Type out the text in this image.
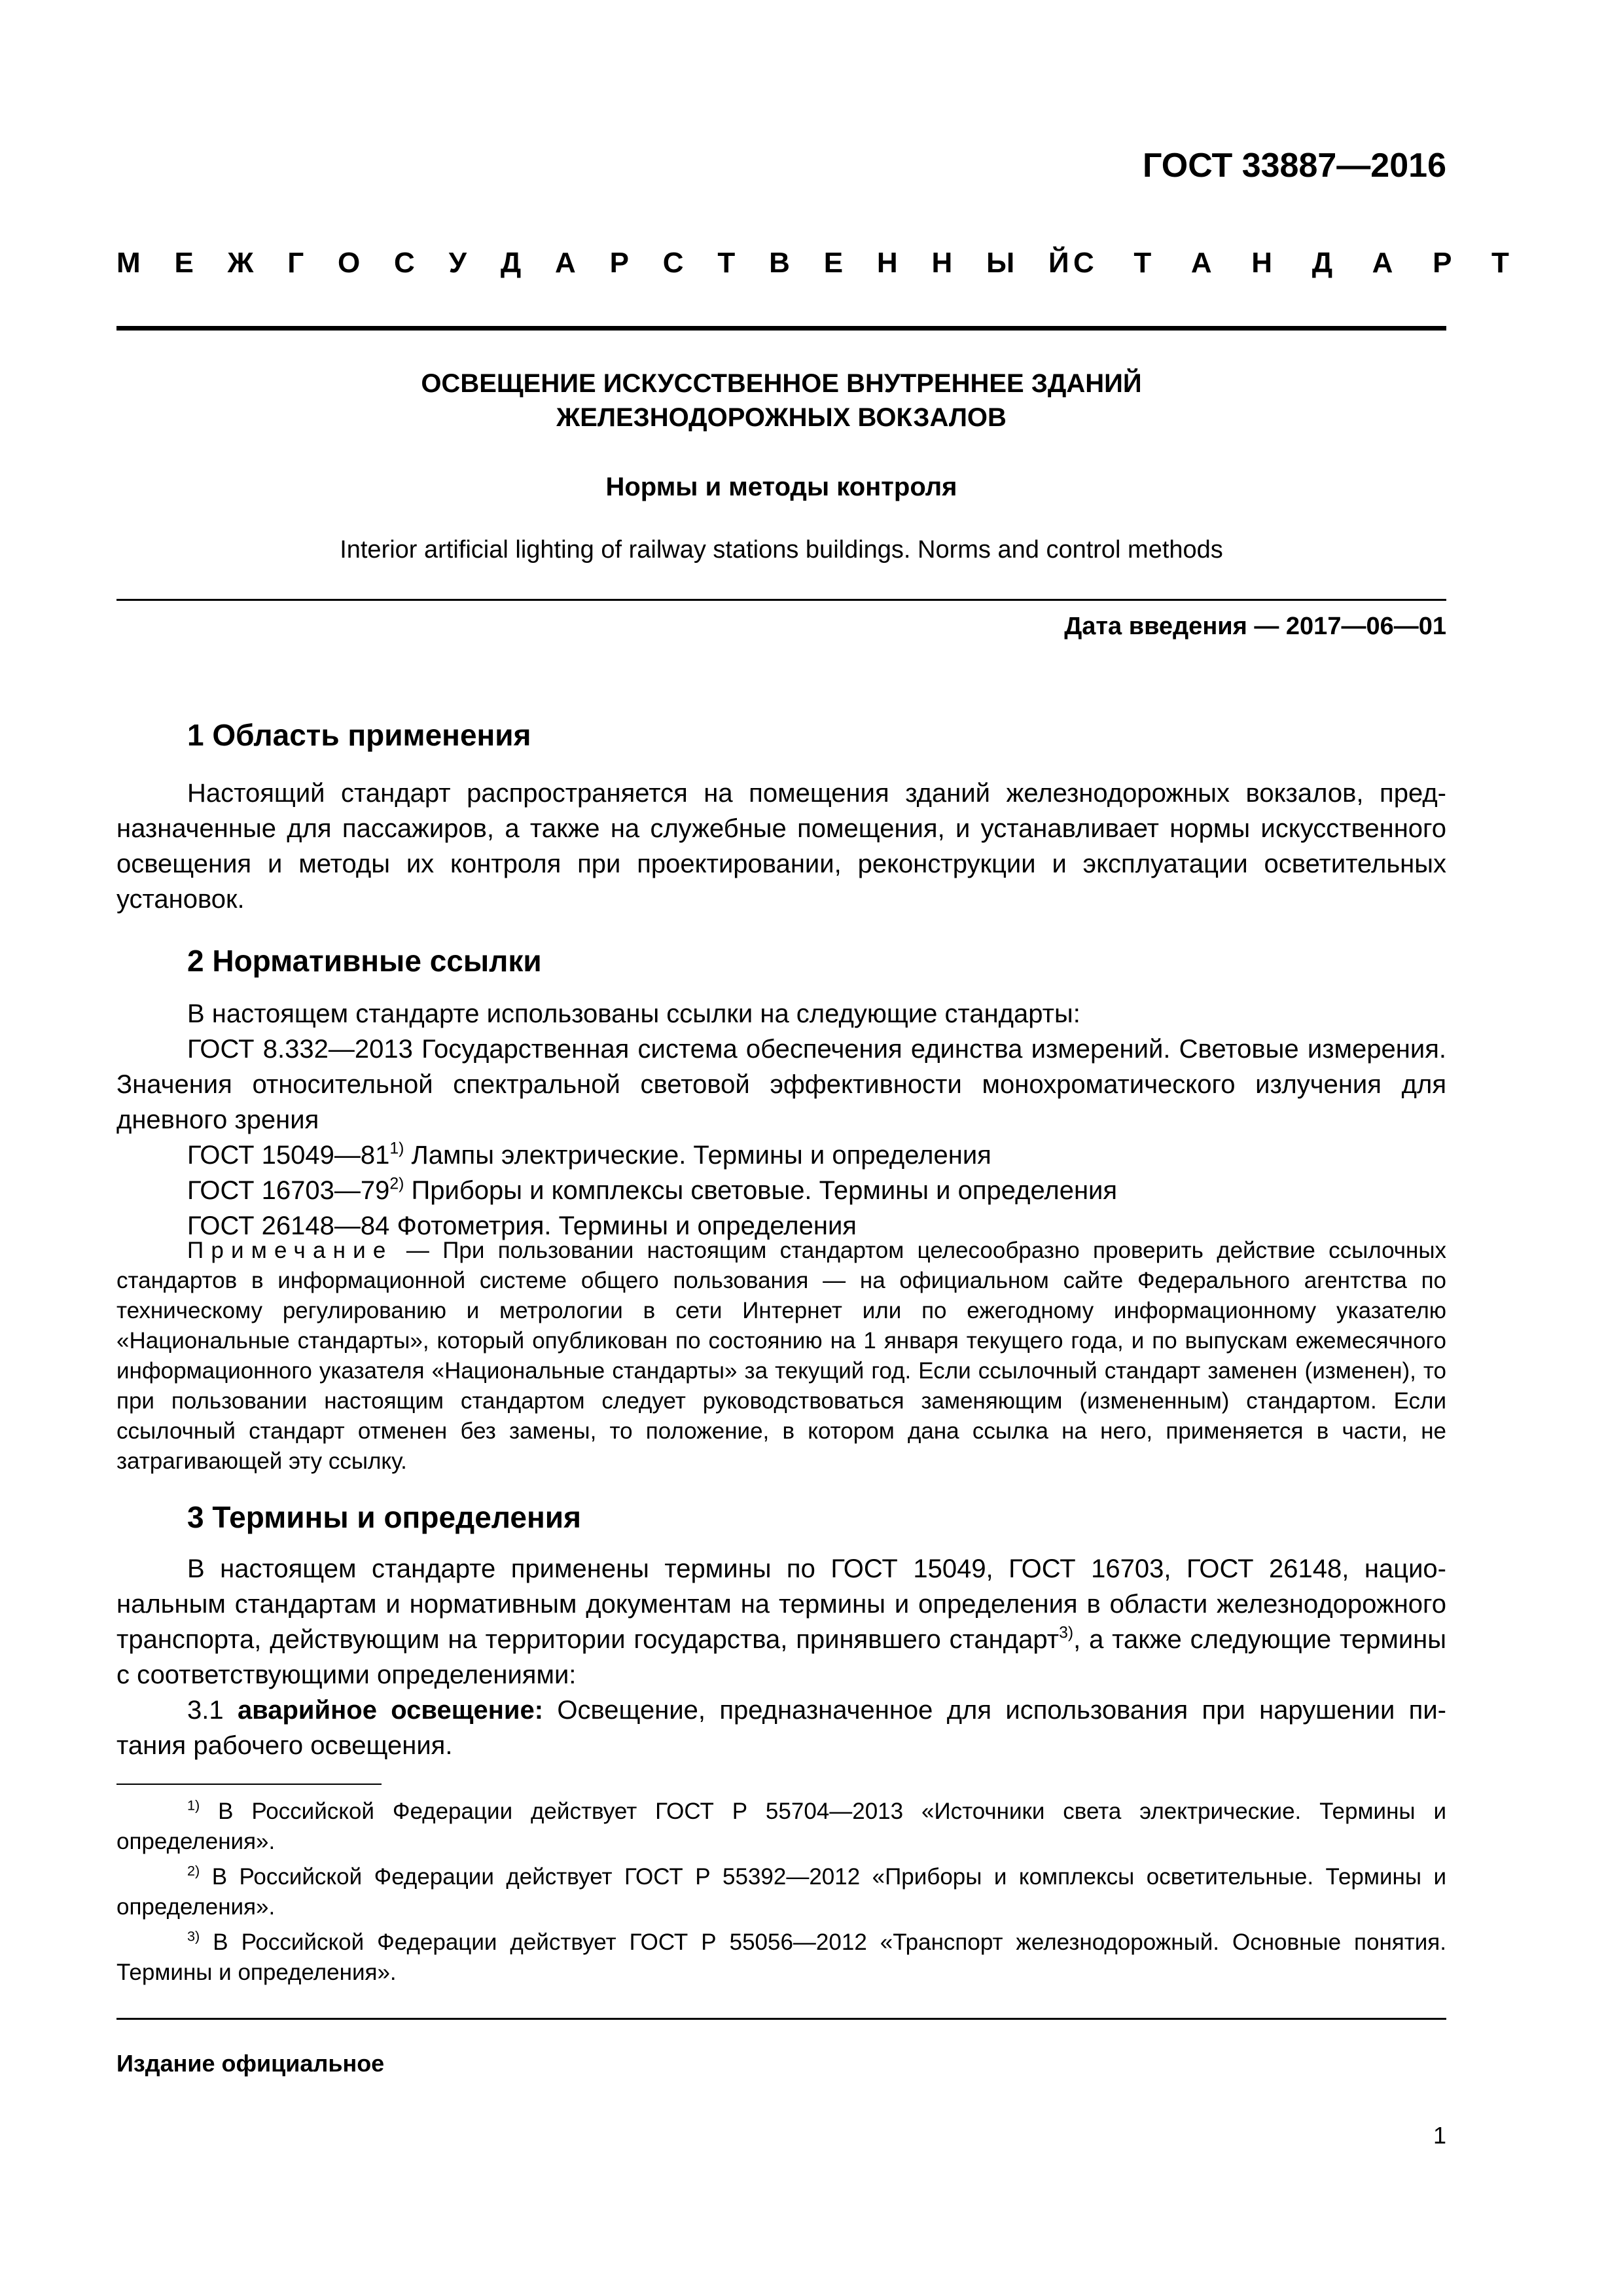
ГОСТ 33887—2016
М Е Ж Г О С У Д А Р С Т В Е Н Н Ы Й
С Т А Н Д А Р Т
ОСВЕЩЕНИЕ ИСКУССТВЕННОЕ ВНУТРЕННЕЕ ЗДАНИЙ
ЖЕЛЕЗНОДОРОЖНЫХ ВОКЗАЛОВ
Нормы и методы контроля
Interior artificial lighting of railway stations buildings. Norms and control methods
Дата введения — 2017—06—01
1 Область применения
Настоящий стандарт распространяется на помещения зданий железнодорожных вокзалов, предназначенные для пассажиров, а также на служебные помещения, и устанавливает нормы искусственного освещения и методы их контроля при проектировании, реконструкции и эксплуатации осветительных установок.
2 Нормативные ссылки
В настоящем стандарте использованы ссылки на следующие стандарты:
ГОСТ 8.332—2013 Государственная система обеспечения единства измерений. Световые измерения. Значения относительной спектральной световой эффективности монохроматического излучения для дневного зрения
ГОСТ 15049—81$^{1)}$ Лампы электрические. Термины и определения
ГОСТ 16703—79$^{2)}$ Приборы и комплексы световые. Термины и определения
ГОСТ 26148—84 Фотометрия. Термины и определения
Примечание — При пользовании настоящим стандартом целесообразно проверить действие ссылочных стандартов в информационной системе общего пользования — на официальном сайте Федерального агентства по техническому регулированию и метрологии в сети Интернет или по ежегодному информационному указателю «Национальные стандарты», который опубликован по состоянию на 1 января текущего года, и по выпускам ежемесячного информационного указателя «Национальные стандарты» за текущий год. Если ссылочный стандарт заменен (изменен), то при пользовании настоящим стандартом следует руководствоваться заменяющим (измененным) стандартом. Если ссылочный стандарт отменен без замены, то положение, в котором дана ссылка на него, применяется в части, не затрагивающей эту ссылку.
3 Термины и определения
В настоящем стандарте применены термины по ГОСТ 15049, ГОСТ 16703, ГОСТ 26148, национальным стандартам и нормативным документам на термины и определения в области железнодорожного транспорта, действующим на территории государства, принявшего стандарт$^{3)}$, а также следующие термины с соответствующими определениями:
3.1 аварийное освещение: Освещение, предназначенное для использования при нарушении питания рабочего освещения.
$^{1)}$ В Российской Федерации действует ГОСТ Р 55704—2013 «Источники света электрические. Термины и определения».
$^{2)}$ В Российской Федерации действует ГОСТ Р 55392—2012 «Приборы и комплексы осветительные. Термины и определения».
$^{3)}$ В Российской Федерации действует ГОСТ Р 55056—2012 «Транспорт железнодорожный. Основные понятия. Термины и определения».
Издание официальное
1
